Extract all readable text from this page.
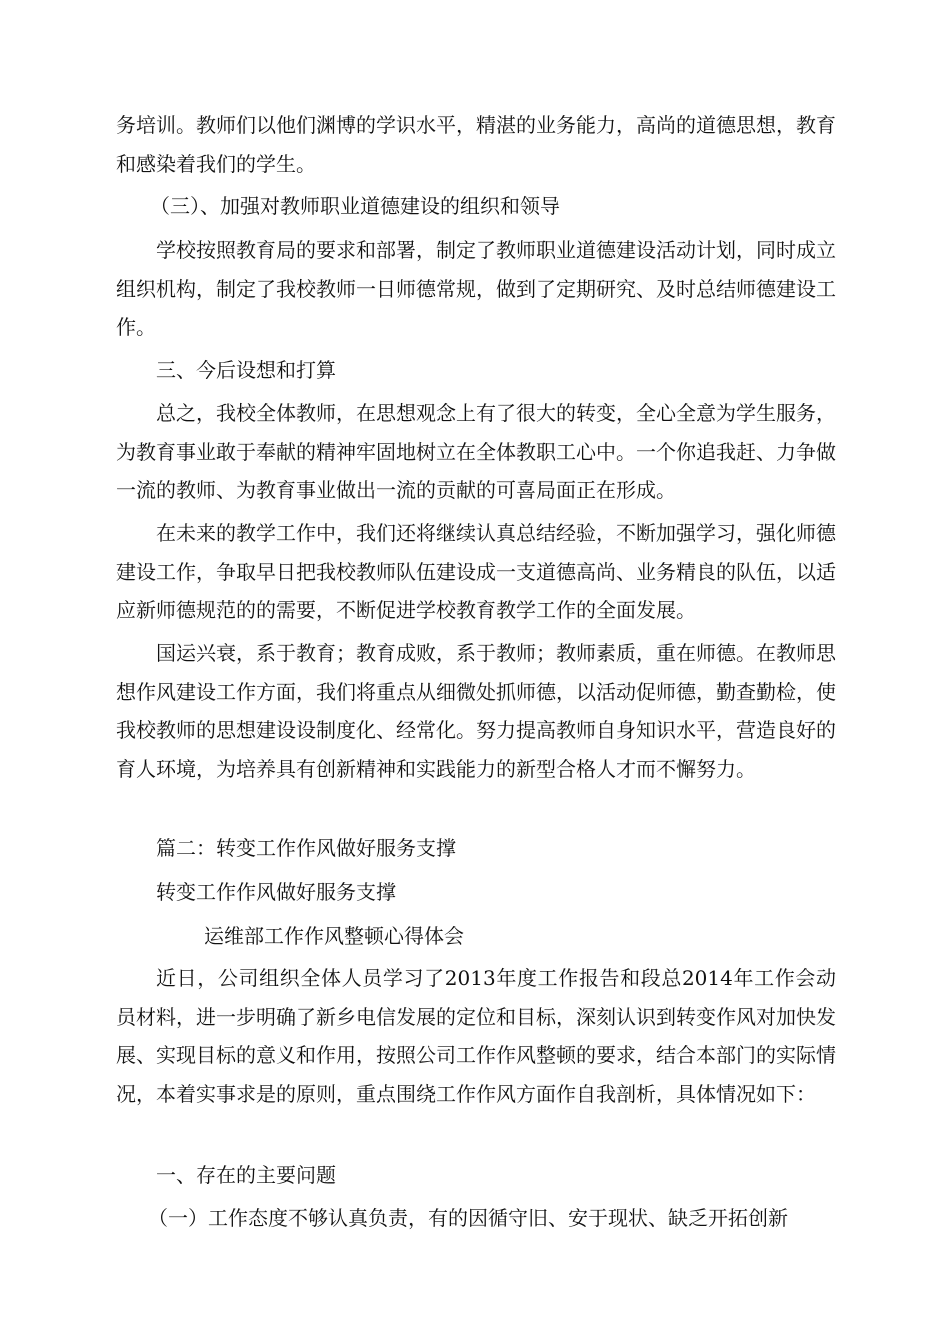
务培训。教师们以他们渊博的学识水平，精湛的业务能力，高尚的道德思想，教育和感染着我们的学生。

（三）、加强对教师职业道德建设的组织和领导

学校按照教育局的要求和部署，制定了教师职业道德建设活动计划，同时成立组织机构，制定了我校教师一日师德常规，做到了定期研究、及时总结师德建设工作。

三、今后设想和打算

总之，我校全体教师，在思想观念上有了很大的转变，全心全意为学生服务，为教育事业敢于奉献的精神牢固地树立在全体教职工心中。一个你追我赶、力争做一流的教师、为教育事业做出一流的贡献的可喜局面正在形成。

在未来的教学工作中，我们还将继续认真总结经验，不断加强学习，强化师德建设工作，争取早日把我校教师队伍建设成一支道德高尚、业务精良的队伍，以适应新师德规范的的需要，不断促进学校教育教学工作的全面发展。

国运兴衰，系于教育；教育成败，系于教师；教师素质，重在师德。在教师思想作风建设工作方面，我们将重点从细微处抓师德，以活动促师德，勤查勤检，使我校教师的思想建设设制度化、经常化。努力提高教师自身知识水平，营造良好的育人环境，为培养具有创新精神和实践能力的新型合格人才而不懈努力。

篇二：转变工作作风做好服务支撑

转变工作作风做好服务支撑

运维部工作作风整顿心得体会

近日，公司组织全体人员学习了2013年度工作报告和段总2014年工作会动员材料，进一步明确了新乡电信发展的定位和目标，深刻认识到转变作风对加快发展、实现目标的意义和作用，按照公司工作作风整顿的要求，结合本部门的实际情况，本着实事求是的原则，重点围绕工作作风方面作自我剖析，具体情况如下：

一、存在的主要问题

（一）工作态度不够认真负责，有的因循守旧、安于现状、缺乏开拓创新
